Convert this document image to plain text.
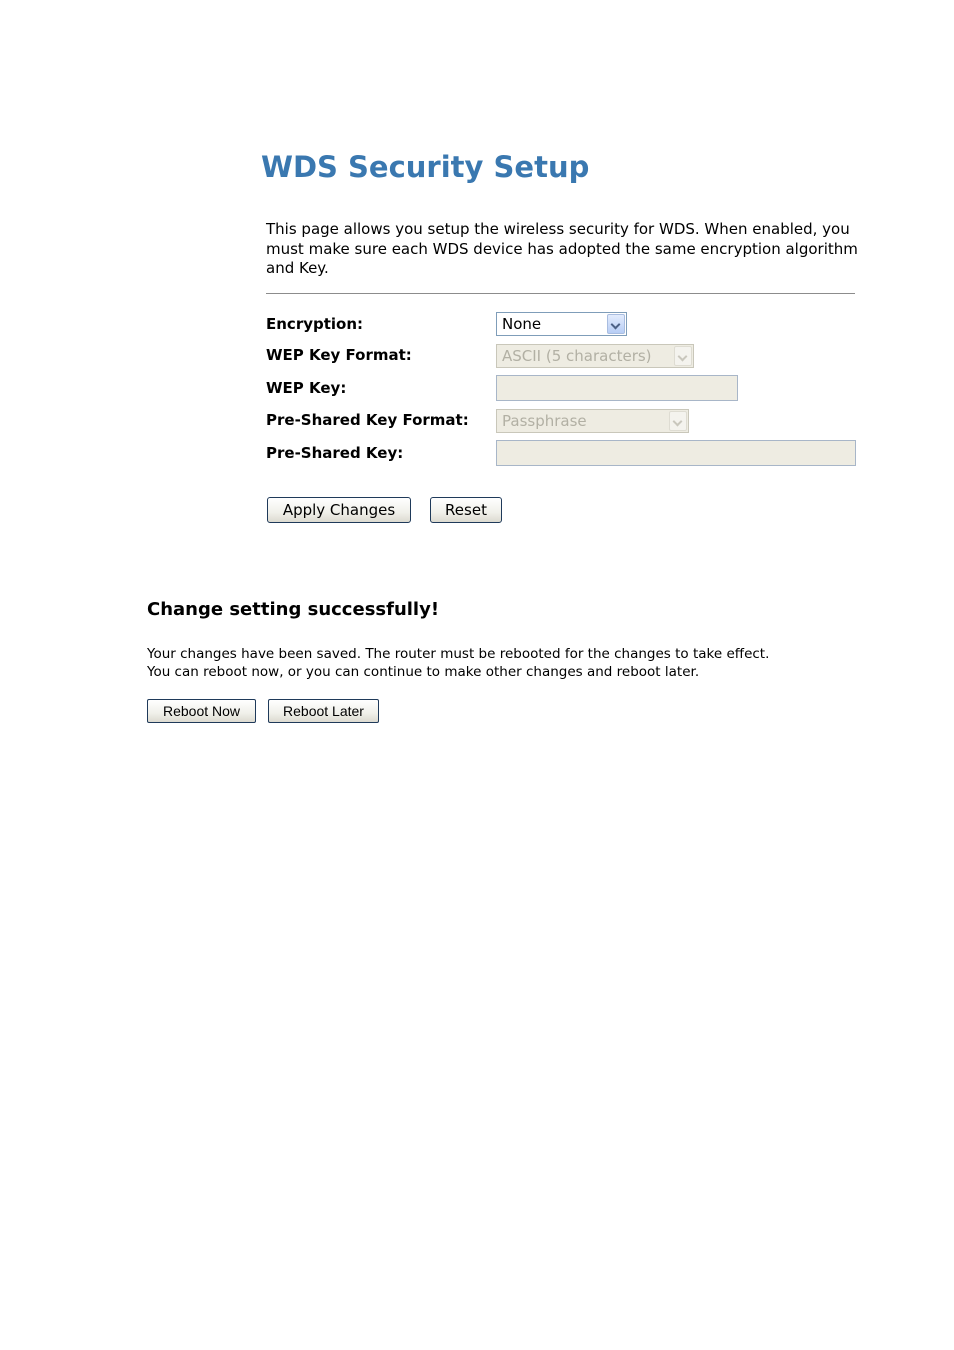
WDS Security Setup

This page allows you setup the wireless security for WDS. When enabled, you must make sure each WDS device has adopted the same encryption algorithm and Key.

Encryption:	None
WEP Key Format:	ASCII (5 characters)
WEP Key:
Pre-Shared Key Format:	Passphrase
Pre-Shared Key:
Apply Changes	Reset
Change setting successfully!

Your changes have been saved. The router must be rebooted for the changes to take effect.
You can reboot now, or you can continue to make other changes and reboot later.

Reboot Now	Reboot Later
